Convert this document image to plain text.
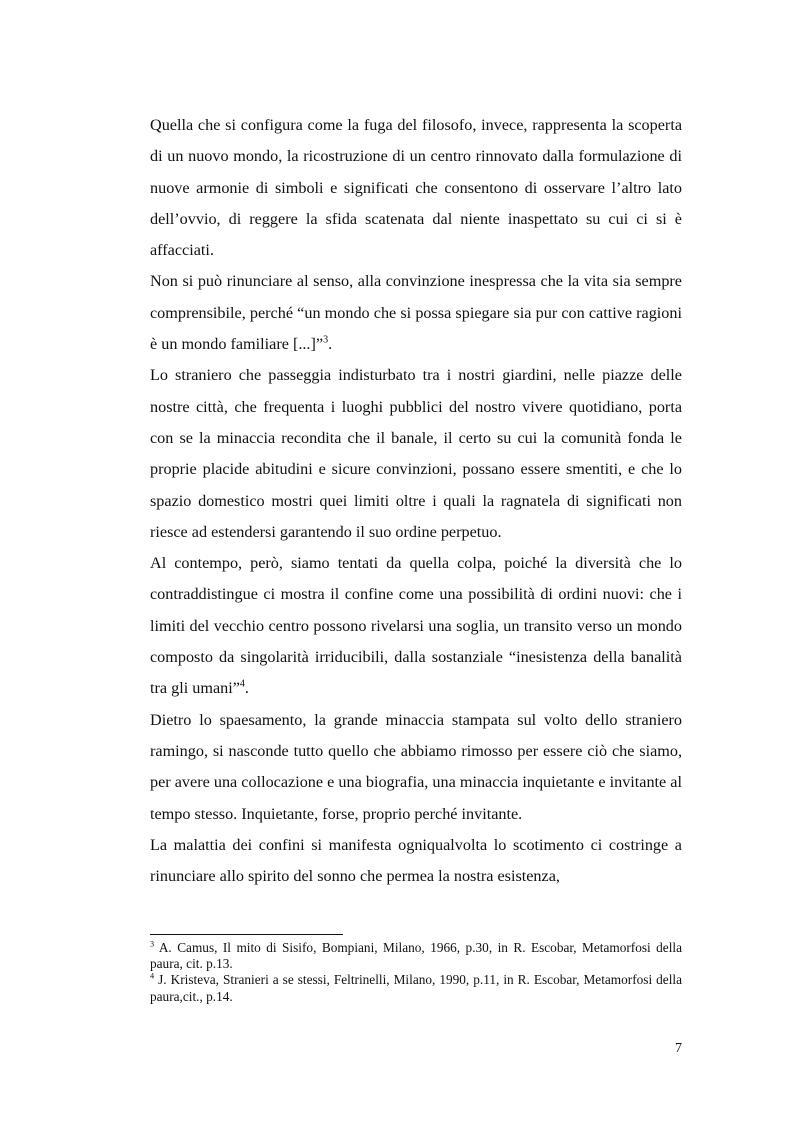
Quella che si configura come la fuga del filosofo, invece, rappresenta la scoperta di un nuovo mondo, la ricostruzione di un centro rinnovato dalla formulazione di nuove armonie di simboli e significati che consentono di osservare l’altro lato dell’ovvio, di reggere la sfida scatenata dal niente inaspettato su cui ci si è affacciati.

Non si può rinunciare al senso, alla convinzione inespressa che la vita sia sempre comprensibile, perché “un mondo che si possa spiegare sia pur con cattive ragioni è un mondo familiare [...]”$^3$.

Lo straniero che passeggia indisturbato tra i nostri giardini, nelle piazze delle nostre città, che frequenta i luoghi pubblici del nostro vivere quotidiano, porta con se la minaccia recondita che il banale, il certo su cui la comunità fonda le proprie placide abitudini e sicure convinzioni, possano essere smentiti, e che lo spazio domestico mostri quei limiti oltre i quali la ragnatela di significati non riesce ad estendersi garantendo il suo ordine perpetuo.

Al contempo, però, siamo tentati da quella colpa, poiché la diversità che lo contraddistingue ci mostra il confine come una possibilità di ordini nuovi: che i limiti del vecchio centro possono rivelarsi una soglia, un transito verso un mondo composto da singolarità irriducibili, dalla sostanziale “inesistenza della banalità tra gli umani”$^4$.

Dietro lo spaesamento, la grande minaccia stampata sul volto dello straniero ramingo, si nasconde tutto quello che abbiamo rimosso per essere ciò che siamo, per avere una collocazione e una biografia, una minaccia inquietante e invitante al tempo stesso. Inquietante, forse, proprio perché invitante.

La malattia dei confini si manifesta ogniqualvolta lo scotimento ci costringe a rinunciare allo spirito del sonno che permea la nostra esistenza,

$^3$ A. Camus, Il mito di Sisifo, Bompiani, Milano, 1966, p.30, in R. Escobar, Metamorfosi della paura, cit. p.13.

$^4$ J. Kristeva, Stranieri a se stessi, Feltrinelli, Milano, 1990, p.11, in R. Escobar, Metamorfosi della paura,cit., p.14.

7
